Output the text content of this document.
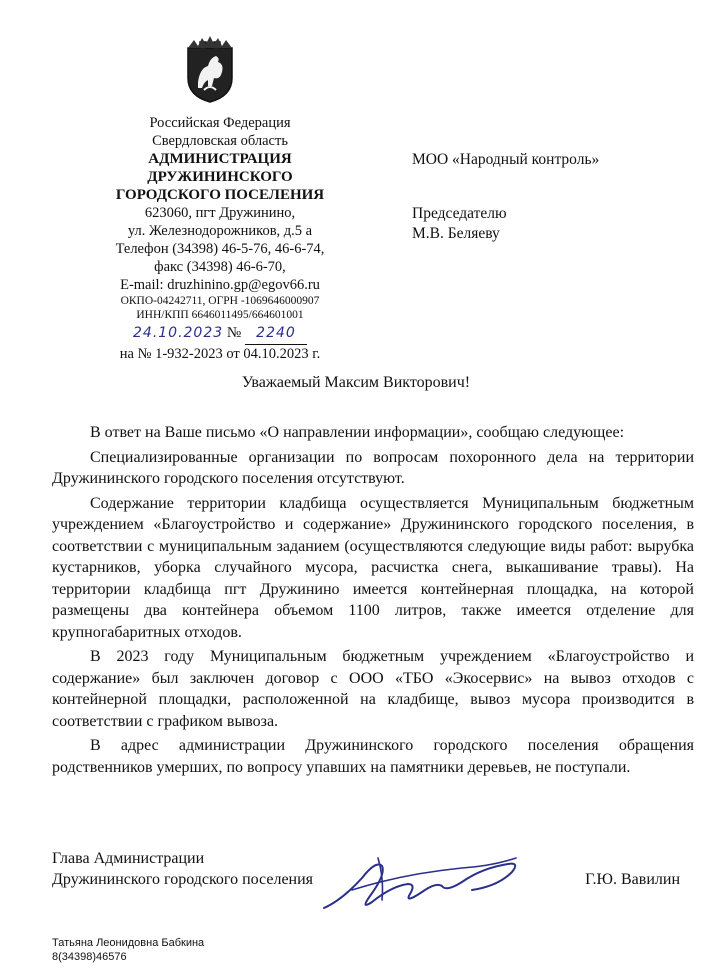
Российская Федерация
Свердловская область
АДМИНИСТРАЦИЯ
ДРУЖИНИНСКОГО
ГОРОДСКОГО ПОСЕЛЕНИЯ
623060, пгт Дружинино,
ул. Железнодорожников, д.5 а
Телефон (34398) 46-5-76, 46-6-74,
факс (34398) 46-6-70,
E-mail: druzhinino.gp@egov66.ru
ОКПО-04242711, ОГРН -1069646000907
ИНН/КПП 6646011495/664601001
24.10.2023 № 2240
на № 1-932-2023 от 04.10.2023 г.
МОО «Народный контроль»
Председателю
М.В. Беляеву
Уважаемый Максим Викторович!

В ответ на Ваше письмо «О направлении информации», сообщаю следующее:

Специализированные организации по вопросам похоронного дела на территории Дружининского городского поселения отсутствуют.

Содержание территории кладбища осуществляется Муниципальным бюджетным учреждением «Благоустройство и содержание» Дружининского городского поселения, в соответствии с муниципальным заданием (осуществляются следующие виды работ: вырубка кустарников, уборка случайного мусора, расчистка снега, выкашивание травы). На территории кладбища пгт Дружинино имеется контейнерная площадка, на которой размещены два контейнера объемом 1100 литров, также имеется отделение для крупногабаритных отходов.

В 2023 году Муниципальным бюджетным учреждением «Благоустройство и содержание» был заключен договор с ООО «ТБО «Экосервис» на вывоз отходов с контейнерной площадки, расположенной на кладбище, вывоз мусора производится в соответствии с графиком вывоза.

В адрес администрации Дружининского городского поселения обращения родственников умерших, по вопросу упавших на памятники деревьев, не поступали.

Глава Администрации
Дружининского городского поселения	Г.Ю. Вавилин
Татьяна Леонидовна Бабкина
8(34398)46576
